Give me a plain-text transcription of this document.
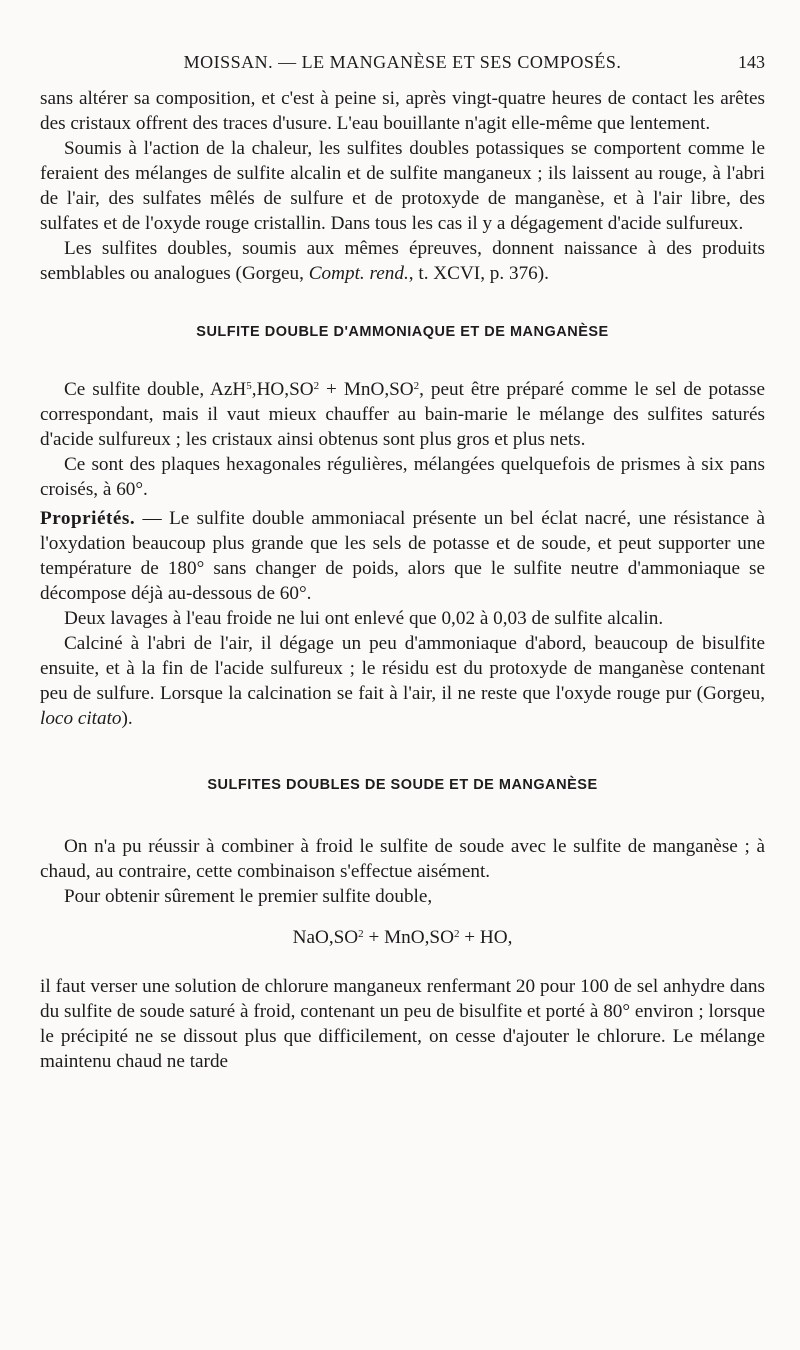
MOISSAN. — LE MANGANÈSE ET SES COMPOSÉS.	143

sans altérer sa composition, et c'est à peine si, après vingt-quatre heures de contact les arêtes des cristaux offrent des traces d'usure. L'eau bouillante n'agit elle-même que lentement.

Soumis à l'action de la chaleur, les sulfites doubles potassiques se comportent comme le feraient des mélanges de sulfite alcalin et de sulfite manganeux ; ils laissent au rouge, à l'abri de l'air, des sulfates mêlés de sulfure et de protoxyde de manganèse, et à l'air libre, des sulfates et de l'oxyde rouge cristallin. Dans tous les cas il y a dégagement d'acide sulfureux.

Les sulfites doubles, soumis aux mêmes épreuves, donnent naissance à des produits semblables ou analogues (Gorgeu, Compt. rend., t. XCVI, p. 376).

SULFITE DOUBLE D'AMMONIAQUE ET DE MANGANÈSE

Ce sulfite double, $AzH^5,HO,SO^2 + MnO,SO^2$, peut être préparé comme le sel de potasse correspondant, mais il vaut mieux chauffer au bain-marie le mélange des sulfites saturés d'acide sulfureux ; les cristaux ainsi obtenus sont plus gros et plus nets.

Ce sont des plaques hexagonales régulières, mélangées quelquefois de prismes à six pans croisés, à 60°.

Propriétés. — Le sulfite double ammoniacal présente un bel éclat nacré, une résistance à l'oxydation beaucoup plus grande que les sels de potasse et de soude, et peut supporter une température de 180° sans changer de poids, alors que le sulfite neutre d'ammoniaque se décompose déjà au-dessous de 60°.

Deux lavages à l'eau froide ne lui ont enlevé que 0,02 à 0,03 de sulfite alcalin.

Calciné à l'abri de l'air, il dégage un peu d'ammoniaque d'abord, beaucoup de bisulfite ensuite, et à la fin de l'acide sulfureux ; le résidu est du protoxyde de manganèse contenant peu de sulfure. Lorsque la calcination se fait à l'air, il ne reste que l'oxyde rouge pur (Gorgeu, loco citato).

SULFITES DOUBLES DE SOUDE ET DE MANGANÈSE

On n'a pu réussir à combiner à froid le sulfite de soude avec le sulfite de manganèse ; à chaud, au contraire, cette combinaison s'effectue aisément.

Pour obtenir sûrement le premier sulfite double,

$NaO,SO^2 + MnO,SO^2$ + HO,

il faut verser une solution de chlorure manganeux renfermant 20 pour 100 de sel anhydre dans du sulfite de soude saturé à froid, contenant un peu de bisulfite et porté à 80° environ ; lorsque le précipité ne se dissout plus que difficilement, on cesse d'ajouter le chlorure. Le mélange maintenu chaud ne tarde
